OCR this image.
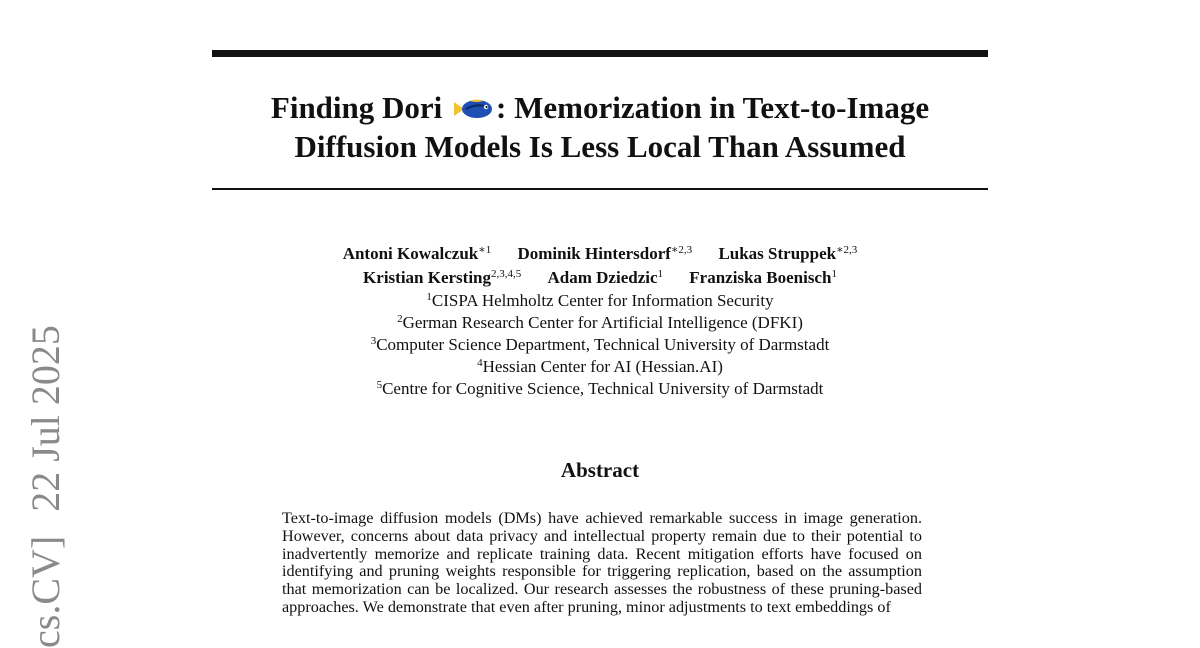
Finding Dori : Memorization in Text-to-Image
Diffusion Models Is Less Local Than Assumed
Antoni Kowalczuk$^{∗1}$ Dominik Hintersdorf$^{∗2,3}$ Lukas Struppek$^{∗2,3}$
Kristian Kersting$^{2,3,4,5}$ Adam Dziedzic$^1$ Franziska Boenisch$^1$
$^1$CISPA Helmholtz Center for Information Security
$^2$German Research Center for Artificial Intelligence (DFKI)
$^3$Computer Science Department, Technical University of Darmstadt
$^4$Hessian Center for AI (Hessian.AI)
$^5$Centre for Cognitive Science, Technical University of Darmstadt
Abstract

Text-to-image diffusion models (DMs) have achieved remarkable success in image generation. However, concerns about data privacy and intellectual property remain due to their potential to inadvertently memorize and replicate training data. Recent mitigation efforts have focused on identifying and pruning weights responsible for triggering replication, based on the assumption that memorization can be localized. Our research assesses the robustness of these pruning-based approaches. We demonstrate that even after pruning, minor adjustments to text embeddings of

cs.CV]22 Jul 2025
